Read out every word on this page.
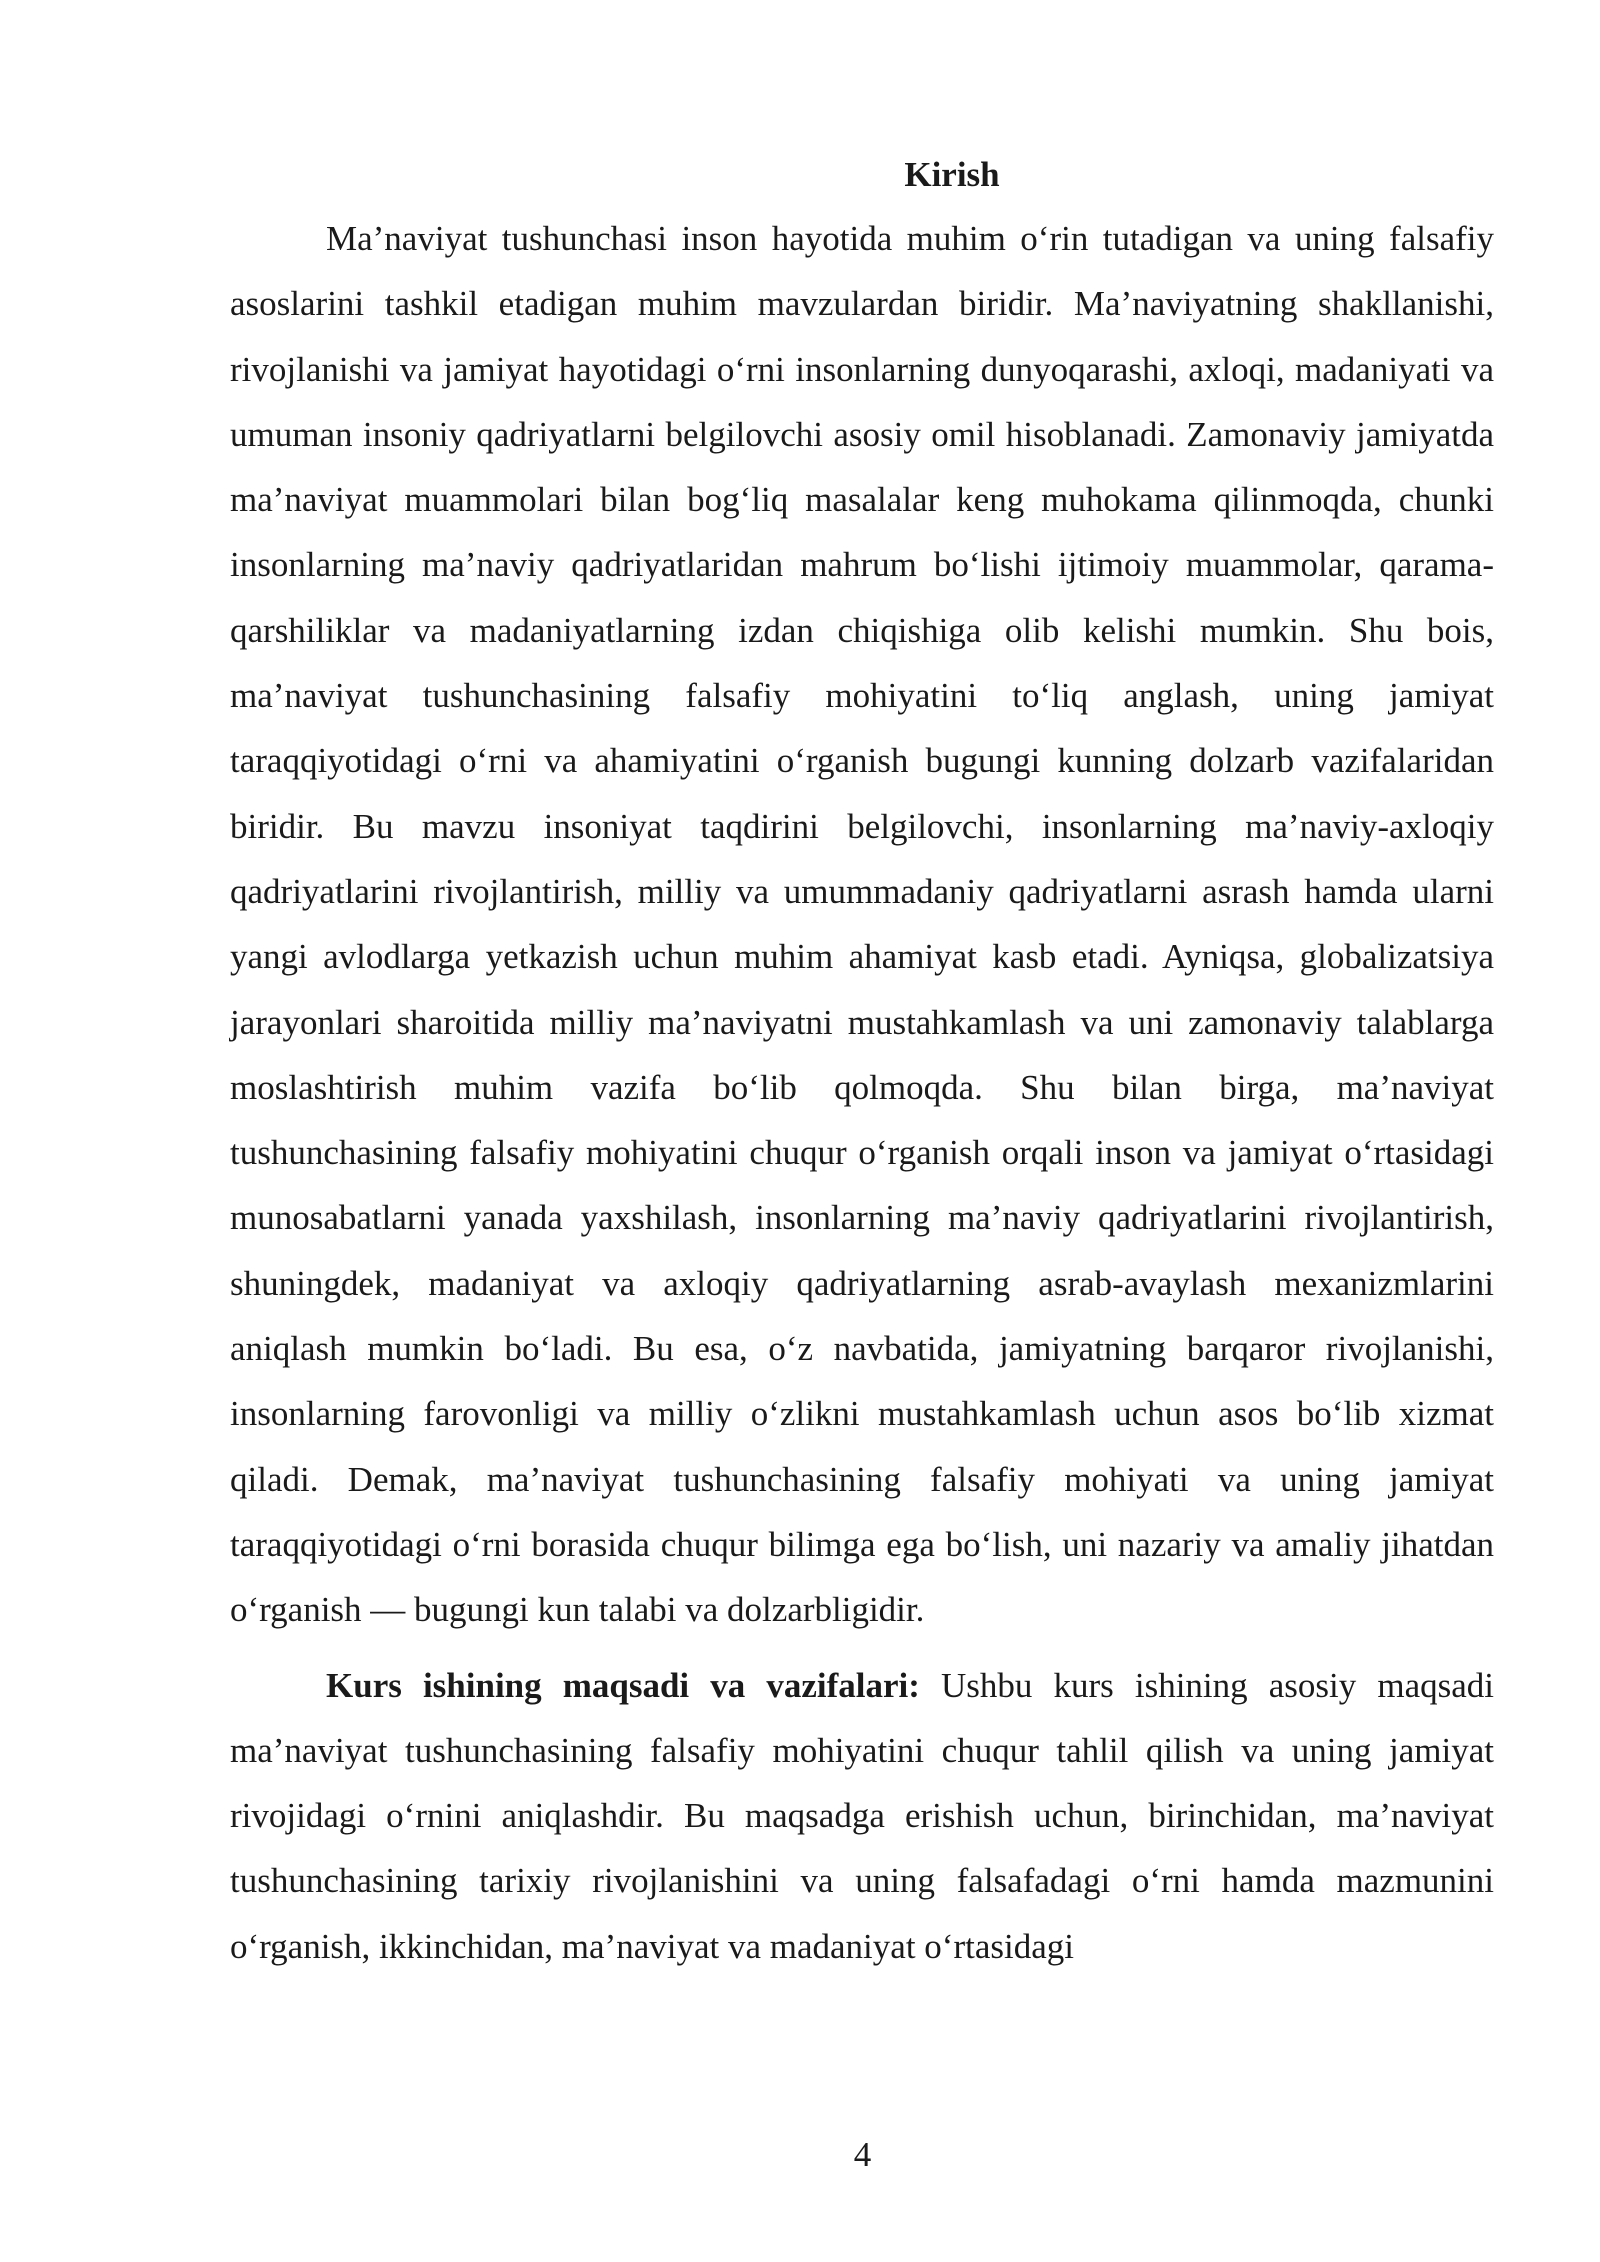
Kirish

Ma’naviyat tushunchasi inson hayotida muhim o‘rin tutadigan va uning falsafiy asoslarini tashkil etadigan muhim mavzulardan biridir. Ma’naviyatning shakllanishi, rivojlanishi va jamiyat hayotidagi o‘rni insonlarning dunyoqarashi, axloqi, madaniyati va umuman insoniy qadriyatlarni belgilovchi asosiy omil hisoblanadi. Zamonaviy jamiyatda ma’naviyat muammolari bilan bog‘liq masalalar keng muhokama qilinmoqda, chunki insonlarning ma’naviy qadriyatlaridan mahrum bo‘lishi ijtimoiy muammolar, qarama-qarshiliklar va madaniyatlarning izdan chiqishiga olib kelishi mumkin. Shu bois, ma’naviyat tushunchasining falsafiy mohiyatini to‘liq anglash, uning jamiyat taraqqiyotidagi o‘rni va ahamiyatini o‘rganish bugungi kunning dolzarb vazifalaridan biridir. Bu mavzu insoniyat taqdirini belgilovchi, insonlarning ma’naviy-axloqiy qadriyatlarini rivojlantirish, milliy va umummadaniy qadriyatlarni asrash hamda ularni yangi avlodlarga yetkazish uchun muhim ahamiyat kasb etadi. Ayniqsa, globalizatsiya jarayonlari sharoitida milliy ma’naviyatni mustahkamlash va uni zamonaviy talablarga moslashtirish muhim vazifa bo‘lib qolmoqda. Shu bilan birga, ma’naviyat tushunchasining falsafiy mohiyatini chuqur o‘rganish orqali inson va jamiyat o‘rtasidagi munosabatlarni yanada yaxshilash, insonlarning ma’naviy qadriyatlarini rivojlantirish, shuningdek, madaniyat va axloqiy qadriyatlarning asrab-avaylash mexanizmlarini aniqlash mumkin bo‘ladi. Bu esa, o‘z navbatida, jamiyatning barqaror rivojlanishi, insonlarning farovonligi va milliy o‘zlikni mustahkamlash uchun asos bo‘lib xizmat qiladi. Demak, ma’naviyat tushunchasining falsafiy mohiyati va uning jamiyat taraqqiyotidagi o‘rni borasida chuqur bilimga ega bo‘lish, uni nazariy va amaliy jihatdan o‘rganish — bugungi kun talabi va dolzarbligidir.

Kurs ishining maqsadi va vazifalari: Ushbu kurs ishining asosiy maqsadi ma’naviyat tushunchasining falsafiy mohiyatini chuqur tahlil qilish va uning jamiyat rivojidagi o‘rnini aniqlashdir. Bu maqsadga erishish uchun, birinchidan, ma’naviyat tushunchasining tarixiy rivojlanishini va uning falsafadagi o‘rni hamda mazmunini o‘rganish, ikkinchidan, ma’naviyat va madaniyat o‘rtasidagi

4
